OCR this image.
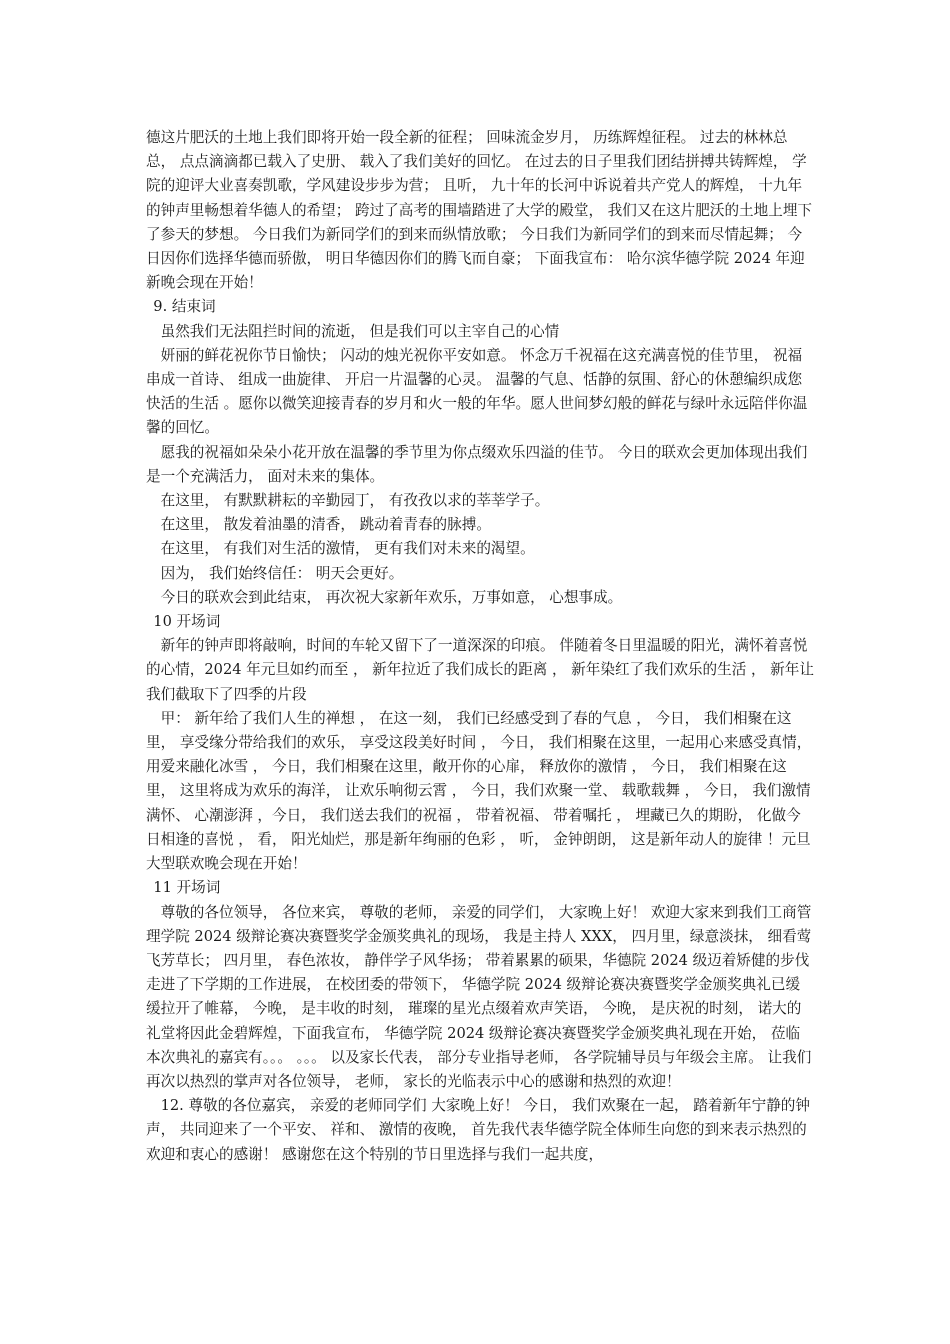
德这片肥沃的土地上我们即将开始一段全新的征程； 回味流金岁月， 历练辉煌征程。 过去的林林总总， 点点滴滴都已载入了史册、 载入了我们美好的回忆。 在过去的日子里我们团结拼搏共铸辉煌， 学院的迎评大业喜奏凯歌，学风建设步步为营； 且听， 九十年的长河中诉说着共产党人的辉煌， 十九年的钟声里畅想着华德人的希望； 跨过了高考的围墙踏进了大学的殿堂， 我们又在这片肥沃的土地上埋下了参天的梦想。 今日我们为新同学们的到来而纵情放歌； 今日我们为新同学们的到来而尽情起舞； 今日因你们选择华德而骄傲， 明日华德因你们的腾飞而自豪； 下面我宣布： 哈尔滨华德学院 2024 年迎新晚会现在开始！

9. 结束词

虽然我们无法阻拦时间的流逝， 但是我们可以主宰自己的心情

妍丽的鲜花祝你节日愉快； 闪动的烛光祝你平安如意。 怀念万千祝福在这充满喜悦的佳节里， 祝福串成一首诗、 组成一曲旋律、 开启一片温馨的心灵。 温馨的气息、恬静的氛围、舒心的休憩编织成您快活的生活 。愿你以微笑迎接青春的岁月和火一般的年华。愿人世间梦幻般的鲜花与绿叶永远陪伴你温馨的回忆。

愿我的祝福如朵朵小花开放在温馨的季节里为你点缀欢乐四溢的佳节。 今日的联欢会更加体现出我们是一个充满活力， 面对未来的集体。

在这里， 有默默耕耘的辛勤园丁， 有孜孜以求的莘莘学子。

在这里， 散发着油墨的清香， 跳动着青春的脉搏。

在这里， 有我们对生活的激情， 更有我们对未来的渴望。

因为， 我们始终信任： 明天会更好。

今日的联欢会到此结束， 再次祝大家新年欢乐，万事如意， 心想事成。

10 开场词

新年的钟声即将敲响，时间的车轮又留下了一道深深的印痕。 伴随着冬日里温暖的阳光，满怀着喜悦的心情，2024 年元旦如约而至 ， 新年拉近了我们成长的距离 ， 新年染红了我们欢乐的生活 ， 新年让我们截取下了四季的片段

甲： 新年给了我们人生的禅想 ， 在这一刻， 我们已经感受到了春的气息 ， 今日， 我们相聚在这里， 享受缘分带给我们的欢乐， 享受这段美好时间 ， 今日， 我们相聚在这里，一起用心来感受真情， 用爱来融化冰雪 ， 今日，我们相聚在这里，敞开你的心扉， 释放你的激情 ， 今日， 我们相聚在这里， 这里将成为欢乐的海洋， 让欢乐响彻云霄 ， 今日，我们欢聚一堂、 载歌载舞 ， 今日， 我们激情满怀、 心潮澎湃 ，今日， 我们送去我们的祝福 ， 带着祝福、 带着嘱托 ， 埋藏已久的期盼， 化做今日相逢的喜悦 ， 看， 阳光灿烂，那是新年绚丽的色彩 ， 听， 金钟朗朗， 这是新年动人的旋律 ！元旦大型联欢晚会现在开始！

11 开场词

尊敬的各位领导， 各位来宾， 尊敬的老师， 亲爱的同学们， 大家晚上好！ 欢迎大家来到我们工商管理学院 2024 级辩论赛决赛暨奖学金颁奖典礼的现场， 我是主持人 XXX， 四月里，绿意淡抹， 细看莺飞芳草长； 四月里， 春色浓妆， 静伴学子风华扬； 带着累累的硕果，华德院 2024 级迈着矫健的步伐走进了下学期的工作进展， 在校团委的带领下， 华德学院 2024 级辩论赛决赛暨奖学金颁奖典礼已缓缓拉开了帷幕， 今晚， 是丰收的时刻， 璀璨的星光点缀着欢声笑语， 今晚， 是庆祝的时刻， 诺大的礼堂将因此金碧辉煌，下面我宣布， 华德学院 2024 级辩论赛决赛暨奖学金颁奖典礼现在开始， 莅临本次典礼的嘉宾有。。。 。。。 以及家长代表， 部分专业指导老师， 各学院辅导员与年级会主席。 让我们再次以热烈的掌声对各位领导， 老师， 家长的光临表示中心的感谢和热烈的欢迎！

12. 尊敬的各位嘉宾， 亲爱的老师同学们 大家晚上好！ 今日， 我们欢聚在一起， 踏着新年宁静的钟声， 共同迎来了一个平安、 祥和、 激情的夜晚， 首先我代表华德学院全体师生向您的到来表示热烈的欢迎和衷心的感谢！ 感谢您在这个特别的节日里选择与我们一起共度，
